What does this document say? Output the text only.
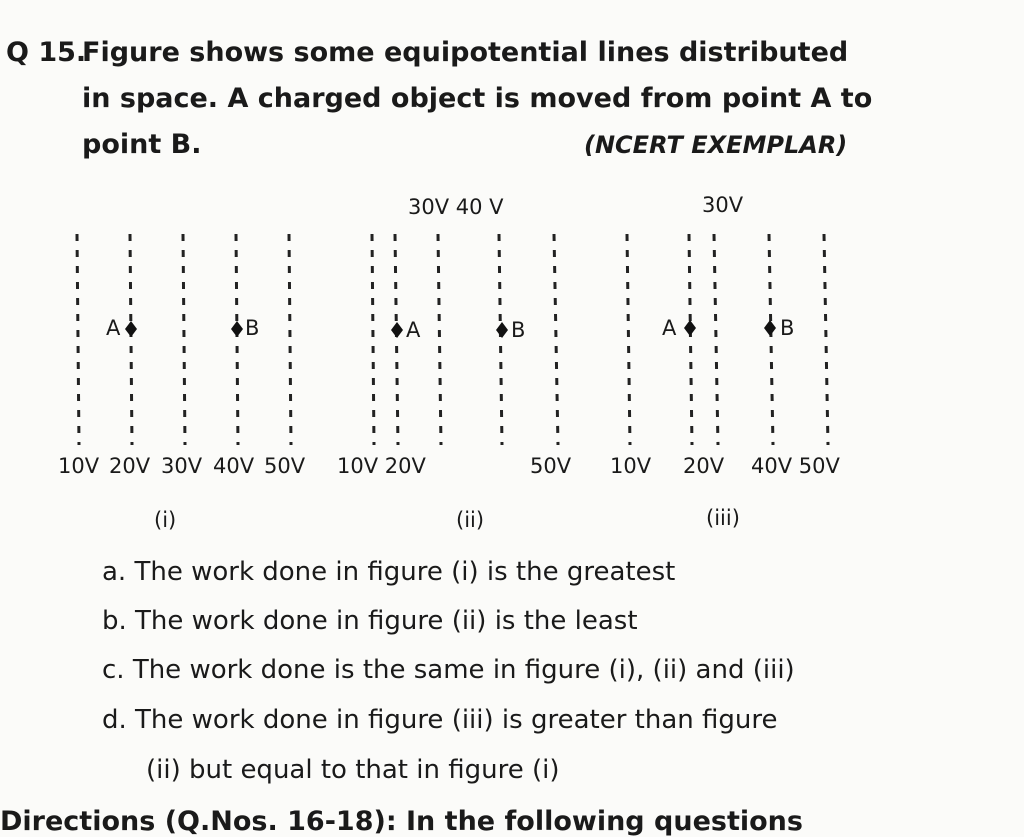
Q 15.
Figure shows some equipotential lines distributed
in space. A charged object is moved from point A to
point B.	(NCERT EXEMPLAR)
A	B	A	B	A	B
30V 40 V	30V
10V 20V 30V 40V 50V 10V 20V	50V 10V 20V 40V 50V
(i)	(ii)	(iii)
a. The work done in figure (i) is the greatest
b. The work done in figure (ii) is the least
c. The work done is the same in figure (i), (ii) and (iii)
d. The work done in figure (iii) is greater than figure
(ii) but equal to that in figure (i)
Directions (Q.Nos. 16-18): In the following questions
